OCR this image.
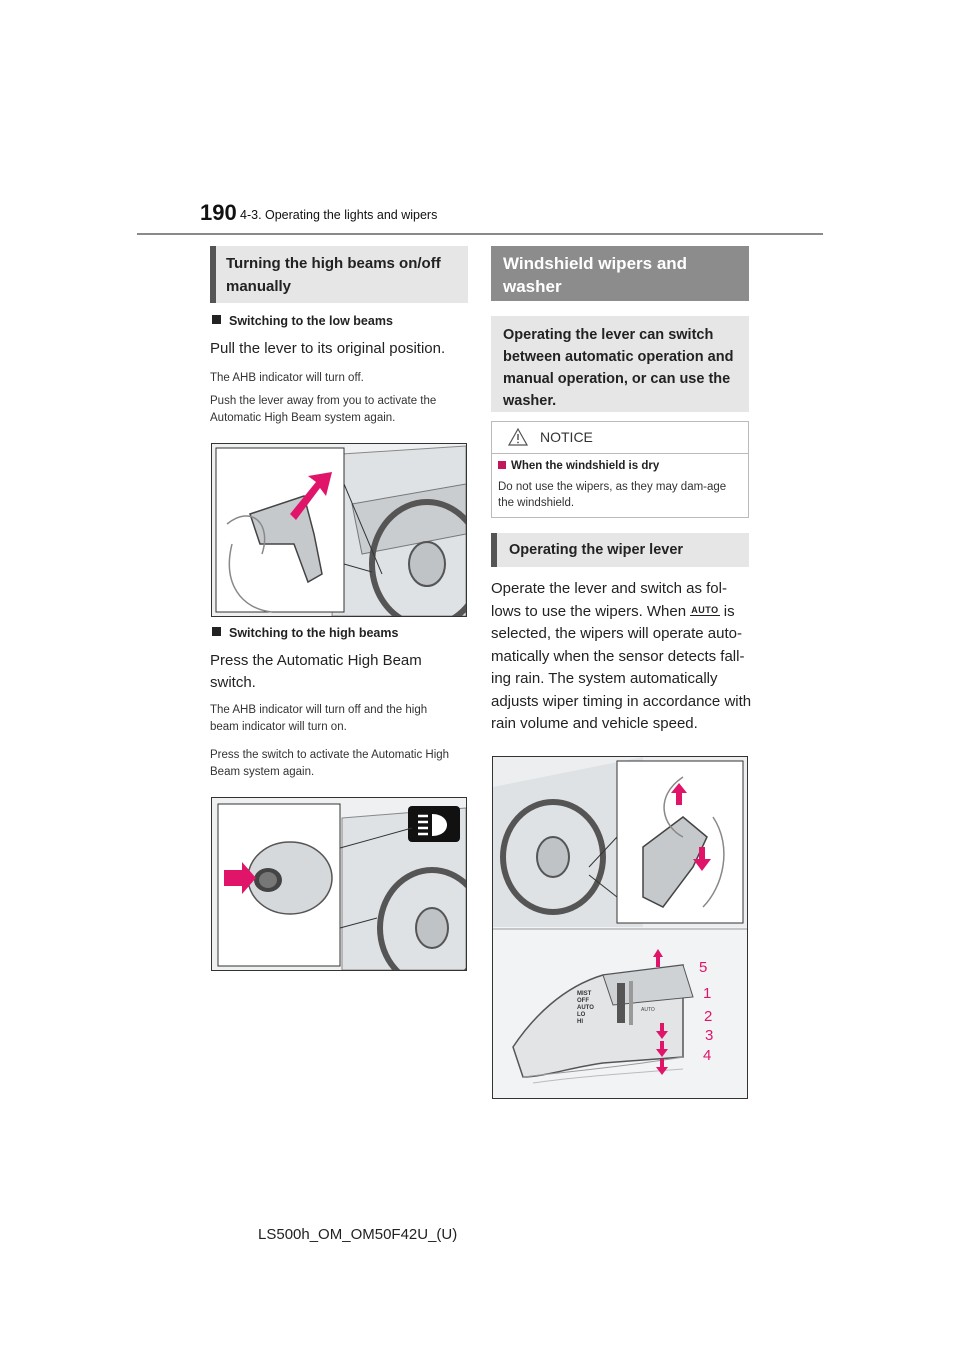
190 4-3. Operating the lights and wipers
Turning the high beams on/off manually
Switching to the low beams
Pull the lever to its original position.
The AHB indicator will turn off.
Push the lever away from you to activate the Automatic High Beam system again.
Switching to the high beams
Press the Automatic High Beam switch.
The AHB indicator will turn off and the high beam indicator will turn on.
Press the switch to activate the Automatic High Beam system again.
Windshield wipers and washer
Operating the lever can switch between automatic operation and manual operation, or can use the washer.
NOTICE
When the windshield is dry
Do not use the wipers, as they may dam-age the windshield.
Operating the wiper lever
Operate the lever and switch as fol-lows to use the wipers. When AUTO is selected, the wipers will operate auto-matically when the sensor detects fall-ing rain. The system automatically adjusts wiper timing in accordance with rain volume and vehicle speed.
MIST
OFF
AUTO
LO
HI
AUTO
5
1
2
3
4
LS500h_OM_OM50F42U_(U)
